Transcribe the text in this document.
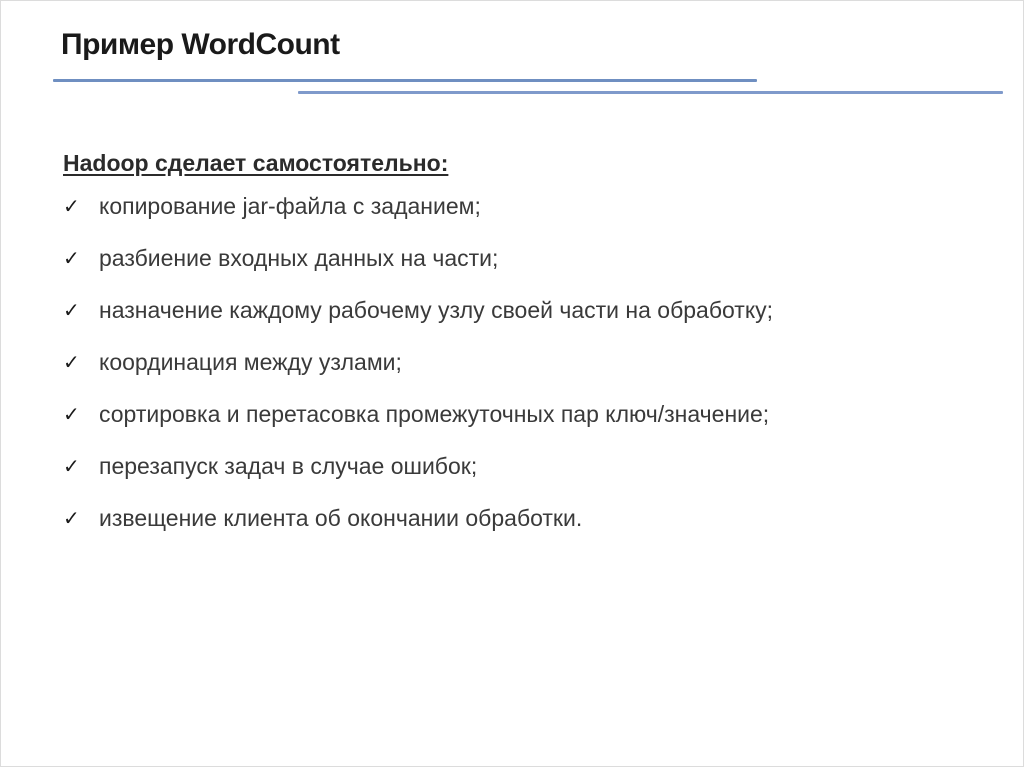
Пример WordCount
Hadoop сделает самостоятельно:
✓ копирование jar-файла с заданием;
✓ разбиение входных данных на части;
✓ назначение каждому рабочему узлу своей части на обработку;
✓ координация между узлами;
✓ сортировка и перетасовка промежуточных пар ключ/значение;
✓ перезапуск задач в случае ошибок;
✓ извещение клиента об окончании обработки.
